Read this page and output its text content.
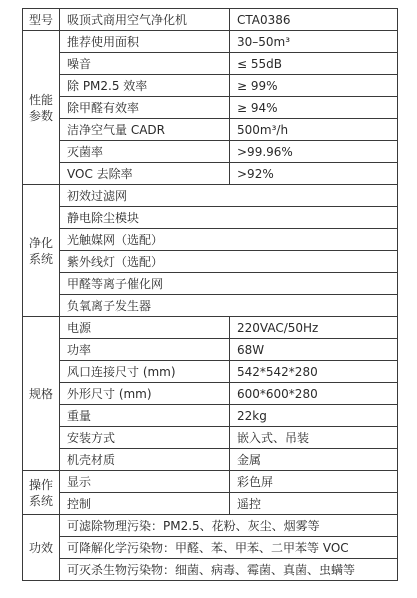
型号	吸顶式商用空气净化机	CTA0386
性能
参数	推荐使用面积	30–50m³
	噪音	≤ 55dB
	除 PM2.5 效率	≥ 99%
	除甲醛有效率	≥ 94%
	洁净空气量 CADR	500m³/h
	灭菌率	>99.96%
	VOC 去除率	>92%
净化
系统	初效过滤网	
	静电除尘模块	
	光触媒网（选配）	
	紫外线灯（选配）	
	甲醛等离子催化网	
	负氧离子发生器	
规格	电源	220VAC/50Hz
	功率	68W
	风口连接尺寸 (mm)	542*542*280
	外形尺寸 (mm)	600*600*280
	重量	22kg
	安装方式	嵌入式、吊装
	机壳材质	金属
操作
系统	显示	彩色屏
	控制	遥控
功效	可滤除物理污染：PM2.5、花粉、灰尘、烟雾等	
	可降解化学污染物：甲醛、苯、甲苯、二甲苯等 VOC	
	可灭杀生物污染物：细菌、病毒、霉菌、真菌、虫螨等	
